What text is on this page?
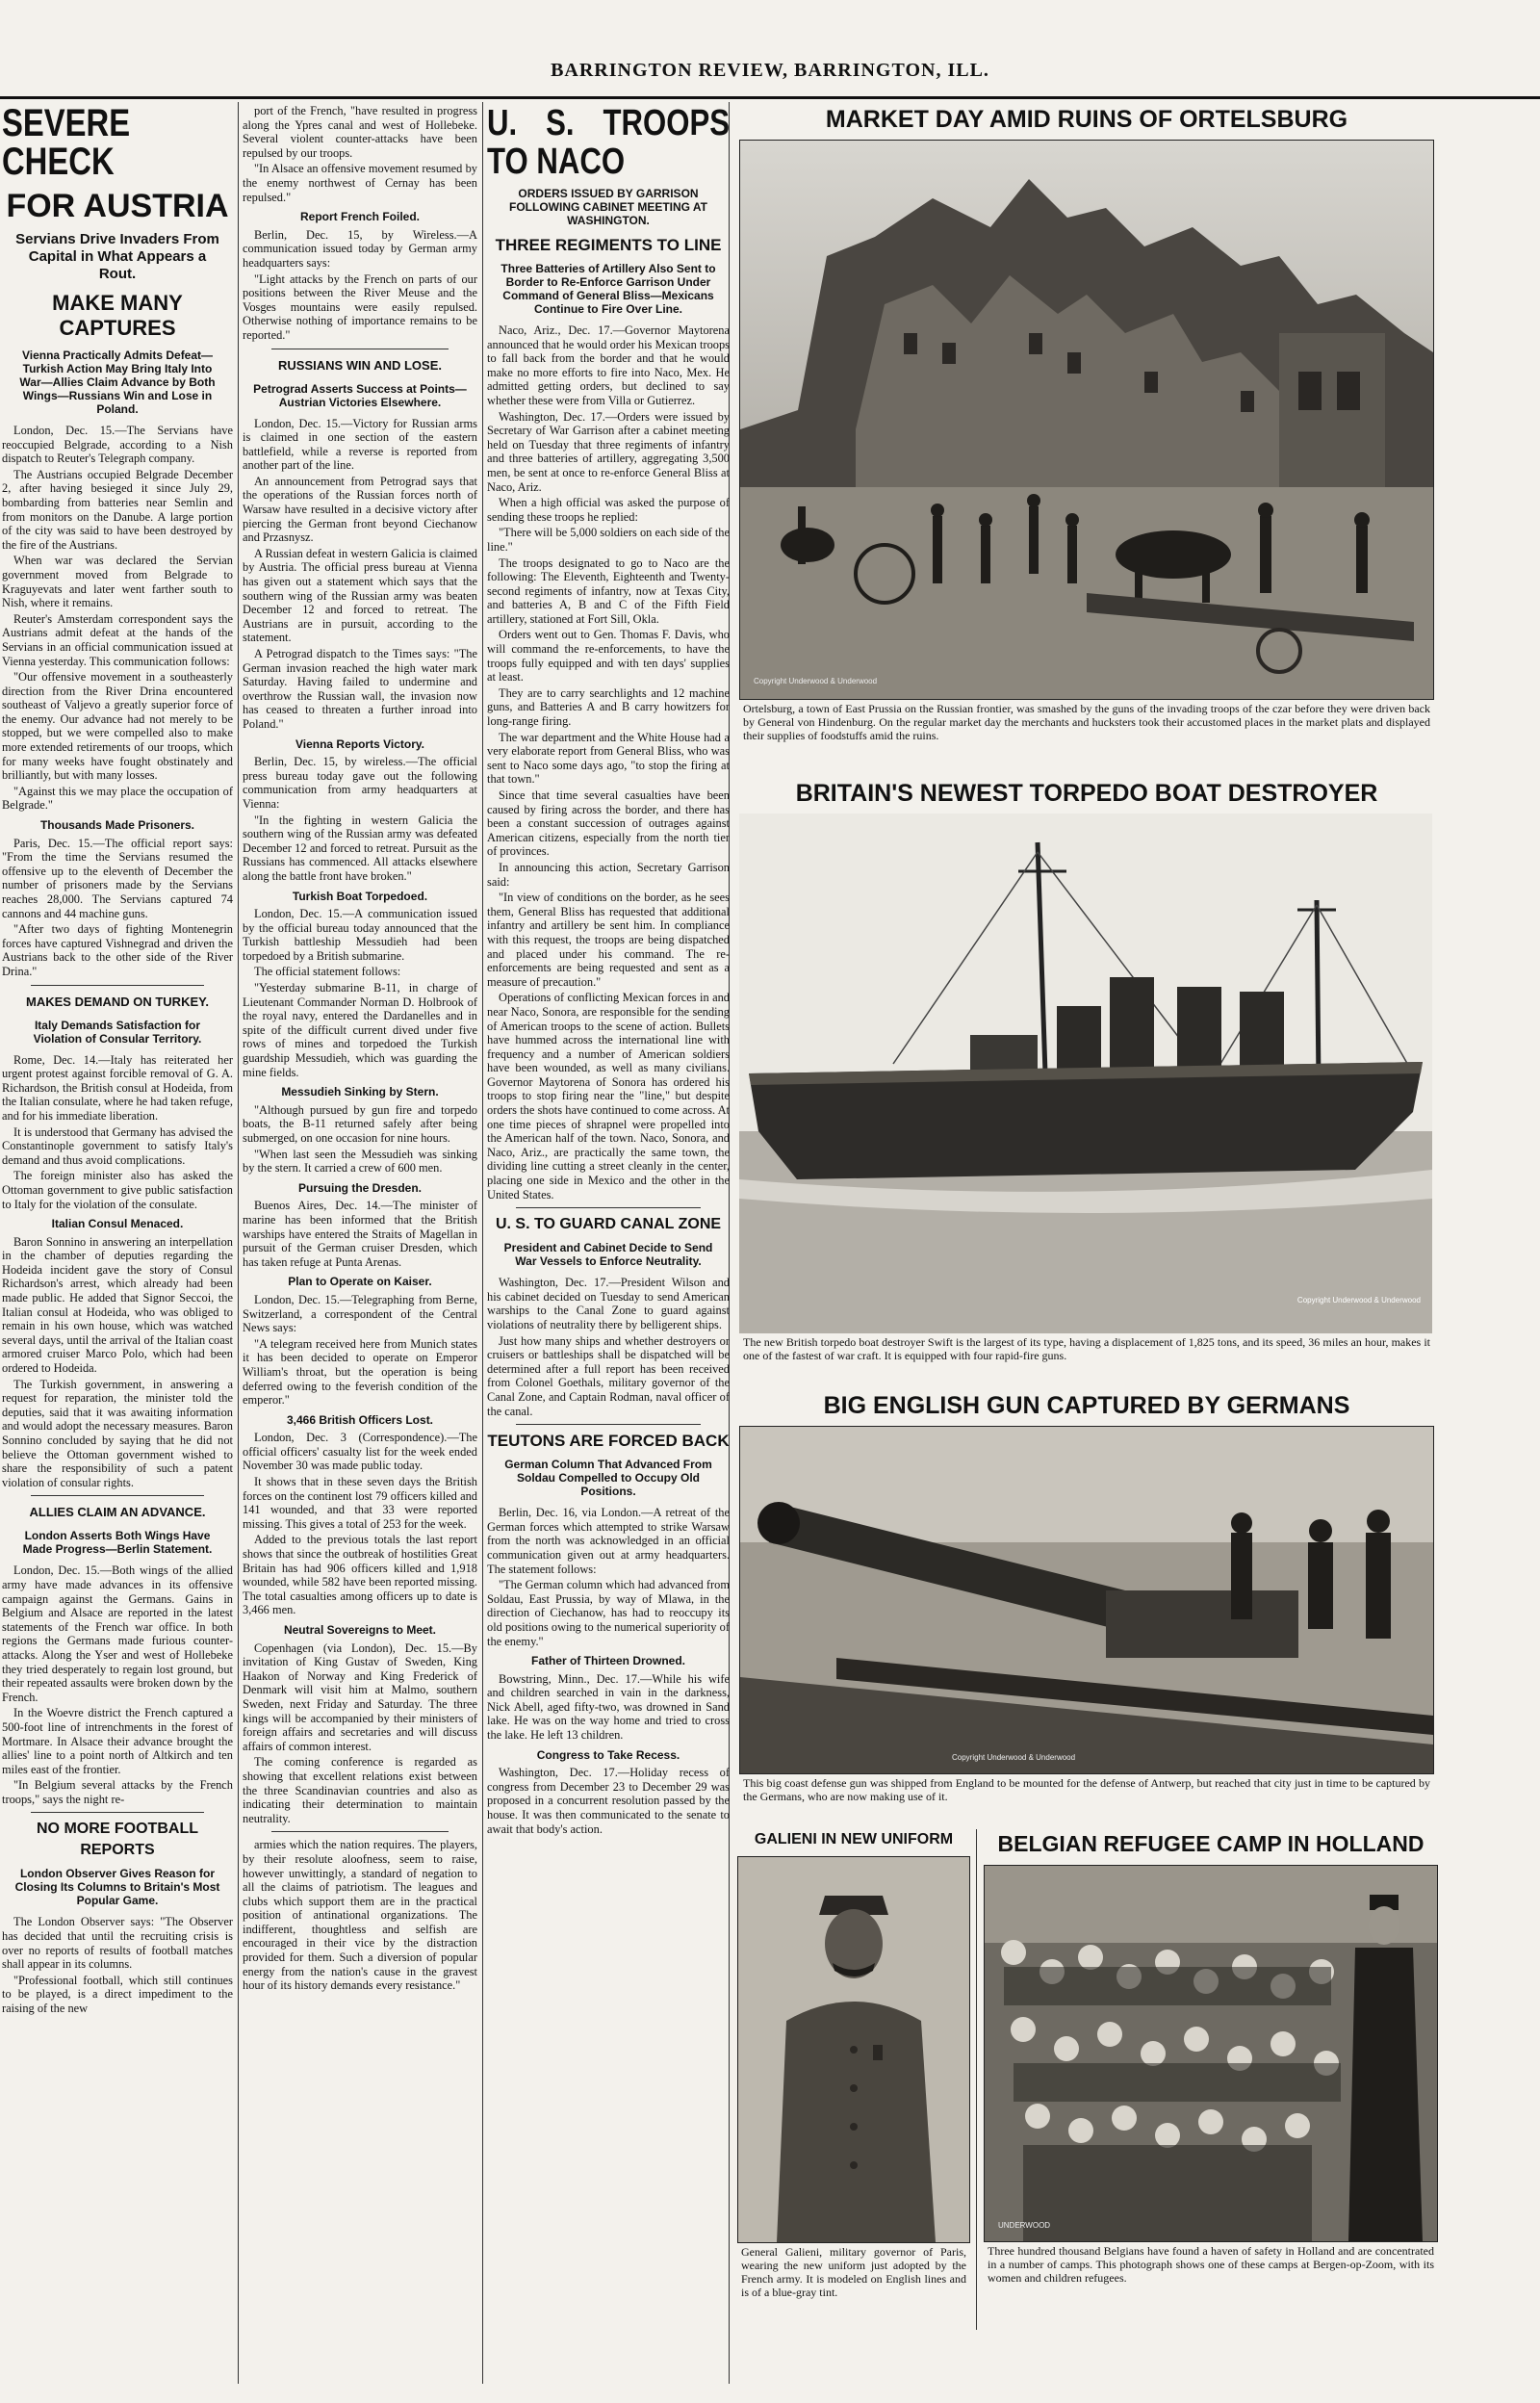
BARRINGTON REVIEW, BARRINGTON, ILL.
SEVERE CHECK
FOR AUSTRIA
Servians Drive Invaders From Capital in What Appears a Rout.
MAKE MANY CAPTURES
Vienna Practically Admits Defeat—Turkish Action May Bring Italy Into War—Allies Claim Advance by Both Wings—Russians Win and Lose in Poland.

London, Dec. 15.—The Servians have reoccupied Belgrade, according to a Nish dispatch to Reuter's Telegraph company.

The Austrians occupied Belgrade December 2, after having besieged it since July 29, bombarding from batteries near Semlin and from monitors on the Danube. A large portion of the city was said to have been destroyed by the fire of the Austrians.

When war was declared the Servian government moved from Belgrade to Kraguyevats and later went farther south to Nish, where it remains.

Reuter's Amsterdam correspondent says the Austrians admit defeat at the hands of the Servians in an official communication issued at Vienna yesterday. This communication follows:

"Our offensive movement in a southeasterly direction from the River Drina encountered southeast of Valjevo a greatly superior force of the enemy. Our advance had not merely to be stopped, but we were compelled also to make more extended retirements of our troops, which for many weeks have fought obstinately and brilliantly, but with many losses.

"Against this we may place the occupation of Belgrade."

Thousands Made Prisoners.

Paris, Dec. 15.—The official report says: "From the time the Servians resumed the offensive up to the eleventh of December the number of prisoners made by the Servians reaches 28,000. The Servians captured 74 cannons and 44 machine guns.

"After two days of fighting Montenegrin forces have captured Vishnegrad and driven the Austrians back to the other side of the River Drina."

MAKES DEMAND ON TURKEY.
Italy Demands Satisfaction for Violation of Consular Territory.

Rome, Dec. 14.—Italy has reiterated her urgent protest against forcible removal of G. A. Richardson, the British consul at Hodeida, from the Italian consulate, where he had taken refuge, and for his immediate liberation.

It is understood that Germany has advised the Constantinople government to satisfy Italy's demand and thus avoid complications.

The foreign minister also has asked the Ottoman government to give public satisfaction to Italy for the violation of the consulate.

Italian Consul Menaced.

Baron Sonnino in answering an interpellation in the chamber of deputies regarding the Hodeida incident gave the story of Consul Richardson's arrest, which already had been made public. He added that Signor Seccoi, the Italian consul at Hodeida, who was obliged to remain in his own house, which was watched several days, until the arrival of the Italian coast armored cruiser Marco Polo, which had been ordered to Hodeida.

The Turkish government, in answering a request for reparation, the minister told the deputies, said that it was awaiting information and would adopt the necessary measures. Baron Sonnino concluded by saying that he did not believe the Ottoman government wished to share the responsibility of such a patent violation of consular rights.

ALLIES CLAIM AN ADVANCE.
London Asserts Both Wings Have Made Progress—Berlin Statement.

London, Dec. 15.—Both wings of the allied army have made advances in its offensive campaign against the Germans. Gains in Belgium and Alsace are reported in the latest statements of the French war office. In both regions the Germans made furious counter-attacks. Along the Yser and west of Hollebeke they tried desperately to regain lost ground, but their repeated assaults were broken down by the French.

In the Woevre district the French captured a 500-foot line of intrenchments in the forest of Mortmare. In Alsace their advance brought the allies' line to a point north of Altkirch and ten miles east of the frontier.

"In Belgium several attacks by the French troops," says the night re-

NO MORE FOOTBALL REPORTS
London Observer Gives Reason for Closing Its Columns to Britain's Most Popular Game.

The London Observer says: "The Observer has decided that until the recruiting crisis is over no reports of results of football matches shall appear in its columns.

"Professional football, which still continues to be played, is a direct impediment to the raising of the new

port of the French, "have resulted in progress along the Ypres canal and west of Hollebeke. Several violent counter-attacks have been repulsed by our troops.

"In Alsace an offensive movement resumed by the enemy northwest of Cernay has been repulsed."

Report French Foiled.

Berlin, Dec. 15, by Wireless.—A communication issued today by German army headquarters says:

"Light attacks by the French on parts of our positions between the River Meuse and the Vosges mountains were easily repulsed. Otherwise nothing of importance remains to be reported."

RUSSIANS WIN AND LOSE.
Petrograd Asserts Success at Points—Austrian Victories Elsewhere.

London, Dec. 15.—Victory for Russian arms is claimed in one section of the eastern battlefield, while a reverse is reported from another part of the line.

An announcement from Petrograd says that the operations of the Russian forces north of Warsaw have resulted in a decisive victory after piercing the German front beyond Ciechanow and Przasnysz.

A Russian defeat in western Galicia is claimed by Austria. The official press bureau at Vienna has given out a statement which says that the southern wing of the Russian army was beaten December 12 and forced to retreat. The Austrians are in pursuit, according to the statement.

A Petrograd dispatch to the Times says: "The German invasion reached the high water mark Saturday. Having failed to undermine and overthrow the Russian wall, the invasion now has ceased to threaten a further inroad into Poland."

Vienna Reports Victory.

Berlin, Dec. 15, by wireless.—The official press bureau today gave out the following communication from army headquarters at Vienna:

"In the fighting in western Galicia the southern wing of the Russian army was defeated December 12 and forced to retreat. Pursuit as the Russians has commenced. All attacks elsewhere along the battle front have broken."

Turkish Boat Torpedoed.

London, Dec. 15.—A communication issued by the official bureau today announced that the Turkish battleship Messudieh had been torpedoed by a British submarine.

The official statement follows:

"Yesterday submarine B-11, in charge of Lieutenant Commander Norman D. Holbrook of the royal navy, entered the Dardanelles and in spite of the difficult current dived under five rows of mines and torpedoed the Turkish guardship Messudieh, which was guarding the mine fields.

Messudieh Sinking by Stern.

"Although pursued by gun fire and torpedo boats, the B-11 returned safely after being submerged, on one occasion for nine hours.

"When last seen the Messudieh was sinking by the stern. It carried a crew of 600 men.

Pursuing the Dresden.

Buenos Aires, Dec. 14.—The minister of marine has been informed that the British warships have entered the Straits of Magellan in pursuit of the German cruiser Dresden, which has taken refuge at Punta Arenas.

Plan to Operate on Kaiser.

London, Dec. 15.—Telegraphing from Berne, Switzerland, a correspondent of the Central News says:

"A telegram received here from Munich states it has been decided to operate on Emperor William's throat, but the operation is being deferred owing to the feverish condition of the emperor."

3,466 British Officers Lost.

London, Dec. 3 (Correspondence).—The official officers' casualty list for the week ended November 30 was made public today.

It shows that in these seven days the British forces on the continent lost 79 officers killed and 141 wounded, and that 33 were reported missing. This gives a total of 253 for the week.

Added to the previous totals the last report shows that since the outbreak of hostilities Great Britain has had 906 officers killed and 1,918 wounded, while 582 have been reported missing. The total casualties among officers up to date is 3,466 men.

Neutral Sovereigns to Meet.

Copenhagen (via London), Dec. 15.—By invitation of King Gustav of Sweden, King Haakon of Norway and King Frederick of Denmark will visit him at Malmo, southern Sweden, next Friday and Saturday. The three kings will be accompanied by their ministers of foreign affairs and secretaries and will discuss affairs of common interest.

The coming conference is regarded as showing that excellent relations exist between the three Scandinavian countries and also as indicating their determination to maintain neutrality.

armies which the nation requires. The players, by their resolute aloofness, seem to raise, however unwittingly, a standard of negation to all the claims of patriotism. The leagues and clubs which support them are in the practical position of antinational organizations. The indifferent, thoughtless and selfish are encouraged in their vice by the distraction provided for them. Such a diversion of popular energy from the nation's cause in the gravest hour of its history demands every resistance."

U. S. TROOPS TO NACO
ORDERS ISSUED BY GARRISON FOLLOWING CABINET MEETING AT WASHINGTON.
THREE REGIMENTS TO LINE
Three Batteries of Artillery Also Sent to Border to Re-Enforce Garrison Under Command of General Bliss—Mexicans Continue to Fire Over Line.

Naco, Ariz., Dec. 17.—Governor Maytorena announced that he would order his Mexican troops to fall back from the border and that he would make no more efforts to fire into Naco, Mex. He admitted getting orders, but declined to say whether these were from Villa or Gutierrez.

Washington, Dec. 17.—Orders were issued by Secretary of War Garrison after a cabinet meeting held on Tuesday that three regiments of infantry and three batteries of artillery, aggregating 3,500 men, be sent at once to re-enforce General Bliss at Naco, Ariz.

When a high official was asked the purpose of sending these troops he replied:

"There will be 5,000 soldiers on each side of the line."

The troops designated to go to Naco are the following: The Eleventh, Eighteenth and Twenty-second regiments of infantry, now at Texas City, and batteries A, B and C of the Fifth Field artillery, stationed at Fort Sill, Okla.

Orders went out to Gen. Thomas F. Davis, who will command the re-enforcements, to have the troops fully equipped and with ten days' supplies at least.

They are to carry searchlights and 12 machine guns, and Batteries A and B carry howitzers for long-range firing.

The war department and the White House had a very elaborate report from General Bliss, who was sent to Naco some days ago, "to stop the firing at that town."

Since that time several casualties have been caused by firing across the border, and there has been a constant succession of outrages against American citizens, especially from the north tier of provinces.

In announcing this action, Secretary Garrison said:

"In view of conditions on the border, as he sees them, General Bliss has requested that additional infantry and artillery be sent him. In compliance with this request, the troops are being dispatched and placed under his command. The re-enforcements are being requested and sent as a measure of precaution."

Operations of conflicting Mexican forces in and near Naco, Sonora, are responsible for the sending of American troops to the scene of action. Bullets have hummed across the international line with frequency and a number of American soldiers have been wounded, as well as many civilians. Governor Maytorena of Sonora has ordered his troops to stop firing near the "line," but despite orders the shots have continued to come across. At one time pieces of shrapnel were propelled into the American half of the town. Naco, Sonora, and Naco, Ariz., are practically the same town, the dividing line cutting a street cleanly in the center, placing one side in Mexico and the other in the United States.

U. S. TO GUARD CANAL ZONE
President and Cabinet Decide to Send War Vessels to Enforce Neutrality.

Washington, Dec. 17.—President Wilson and his cabinet decided on Tuesday to send American warships to the Canal Zone to guard against violations of neutrality there by belligerent ships.

Just how many ships and whether destroyers or cruisers or battleships shall be dispatched will be determined after a full report has been received from Colonel Goethals, military governor of the Canal Zone, and Captain Rodman, naval officer of the canal.

TEUTONS ARE FORCED BACK
German Column That Advanced From Soldau Compelled to Occupy Old Positions.

Berlin, Dec. 16, via London.—A retreat of the German forces which attempted to strike Warsaw from the north was acknowledged in an official communication given out at army headquarters. The statement follows:

"The German column which had advanced from Soldau, East Prussia, by way of Mlawa, in the direction of Ciechanow, has had to reoccupy its old positions owing to the numerical superiority of the enemy."

Father of Thirteen Drowned.

Bowstring, Minn., Dec. 17.—While his wife and children searched in vain in the darkness, Nick Abell, aged fifty-two, was drowned in Sand lake. He was on the way home and tried to cross the lake. He left 13 children.

Congress to Take Recess.

Washington, Dec. 17.—Holiday recess of congress from December 23 to December 29 was proposed in a concurrent resolution passed by the house. It was then communicated to the senate to await that body's action.

MARKET DAY AMID RUINS OF ORTELSBURG
Copyright Underwood & Underwood
Ortelsburg, a town of East Prussia on the Russian frontier, was smashed by the guns of the invading troops of the czar before they were driven back by General von Hindenburg. On the regular market day the merchants and hucksters took their accustomed places in the market plats and displayed their supplies of foodstuffs amid the ruins.
BRITAIN'S NEWEST TORPEDO BOAT DESTROYER
Copyright Underwood & Underwood
The new British torpedo boat destroyer Swift is the largest of its type, having a displacement of 1,825 tons, and its speed, 36 miles an hour, makes it one of the fastest of war craft. It is equipped with four rapid-fire guns.
BIG ENGLISH GUN CAPTURED BY GERMANS
Copyright Underwood & Underwood
This big coast defense gun was shipped from England to be mounted for the defense of Antwerp, but reached that city just in time to be captured by the Germans, who are now making use of it.
GALIENI IN NEW UNIFORM
General Galieni, military governor of Paris, wearing the new uniform just adopted by the French army. It is modeled on English lines and is of a blue-gray tint.
BELGIAN REFUGEE CAMP IN HOLLAND
UNDERWOOD
Three hundred thousand Belgians have found a haven of safety in Holland and are concentrated in a number of camps. This photograph shows one of these camps at Bergen-op-Zoom, with its women and children refugees.
